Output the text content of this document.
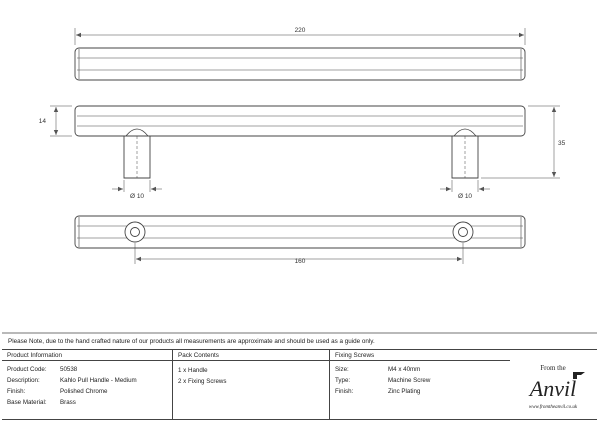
220
14
35
Ø 10	Ø 10
160
Please Note, due to the hand crafted nature of our products all measurements are approximate and should be used as a guide only.
Product Information
Product Code: 50538
Description:	Kahlo Pull Handle - Medium
Finish:	Polished Chrome
Base Material: Brass
Pack Contents
1 x Handle
2 x Fixing Screws
Fixing Screws
Size:	M4 x 40mm
Type:	Machine Screw
Finish:	Zinc Plating
From the
Anvil
www.fromtheanvil.co.uk
